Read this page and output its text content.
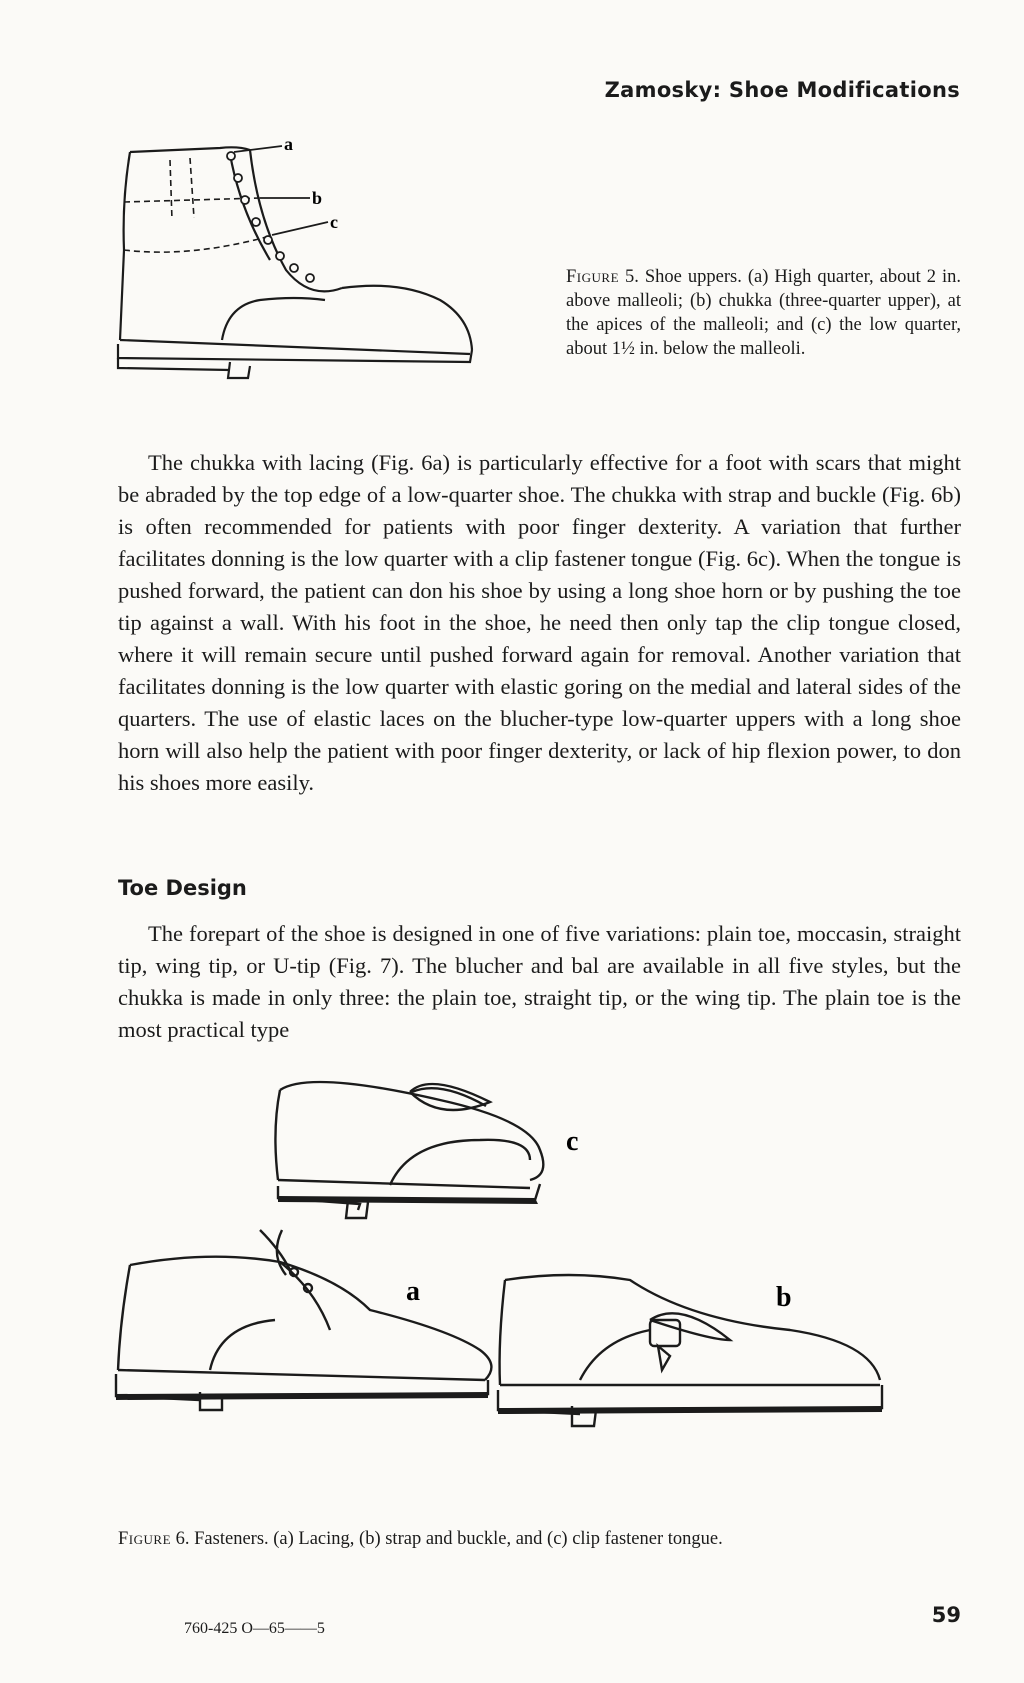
Zamosky: Shoe Modifications
a
b
c
Figure 5. Shoe uppers. (a) High quarter, about 2 in. above malleoli; (b) chukka (three-quarter upper), at the apices of the malleoli; and (c) the low quarter, about 1½ in. below the malleoli.

The chukka with lacing (Fig. 6a) is particularly effective for a foot with scars that might be abraded by the top edge of a low-quarter shoe. The chukka with strap and buckle (Fig. 6b) is often recommended for patients with poor finger dexterity. A variation that further facilitates donning is the low quarter with a clip fastener tongue (Fig. 6c). When the tongue is pushed forward, the patient can don his shoe by using a long shoe horn or by pushing the toe tip against a wall. With his foot in the shoe, he need then only tap the clip tongue closed, where it will remain secure until pushed forward again for removal. Another variation that facilitates donning is the low quarter with elastic goring on the medial and lateral sides of the quarters. The use of elastic laces on the blucher-type low-quarter uppers with a long shoe horn will also help the patient with poor finger dexterity, or lack of hip flexion power, to don his shoes more easily.

Toe Design

The forepart of the shoe is designed in one of five variations: plain toe, moccasin, straight tip, wing tip, or U-tip (Fig. 7). The blucher and bal are available in all five styles, but the chukka is made in only three: the plain toe, straight tip, or the wing tip. The plain toe is the most practical type

c
a	b
Figure 6. Fasteners. (a) Lacing, (b) strap and buckle, and (c) clip fastener tongue.
760-425 O—65——5
59
